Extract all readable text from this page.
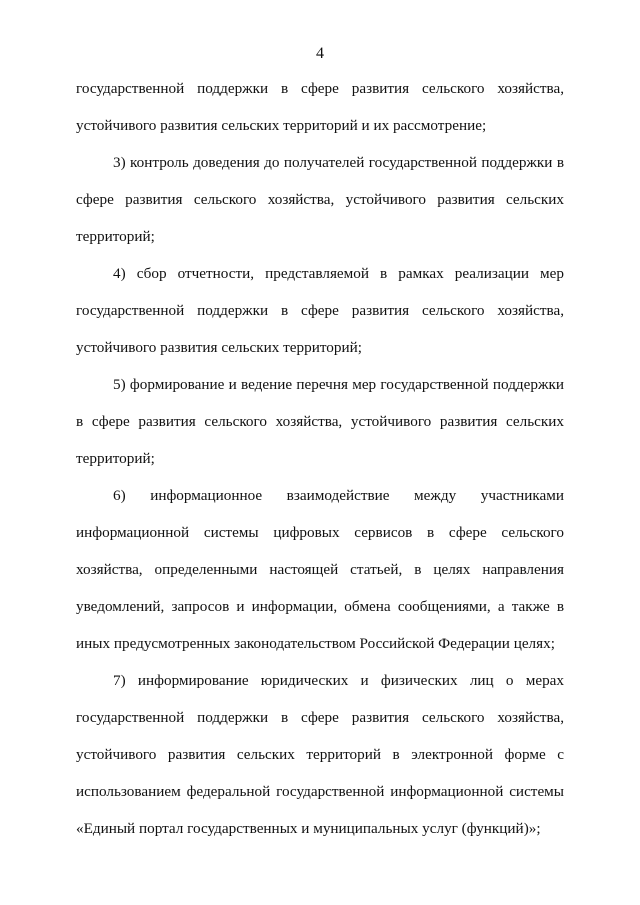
4
государственной поддержки в сфере развития сельского хозяйства,
устойчивого развития сельских территорий и их рассмотрение;
3) контроль доведения до получателей государственной поддержки в
сфере развития сельского хозяйства, устойчивого развития сельских
территорий;
4) сбор отчетности, представляемой в рамках реализации мер
государственной поддержки в сфере развития сельского хозяйства,
устойчивого развития сельских территорий;
5) формирование и ведение перечня мер государственной поддержки
в сфере развития сельского хозяйства, устойчивого развития сельских
территорий;
6) информационное взаимодействие между участниками
информационной системы цифровых сервисов в сфере сельского
хозяйства, определенными настоящей статьей, в целях направления
уведомлений, запросов и информации, обмена сообщениями, а также в
иных предусмотренных законодательством Российской Федерации целях;
7) информирование юридических и физических лиц о мерах
государственной поддержки в сфере развития сельского хозяйства,
устойчивого развития сельских территорий в электронной форме с
использованием федеральной государственной информационной системы
«Единый портал государственных и муниципальных услуг (функций)»;
